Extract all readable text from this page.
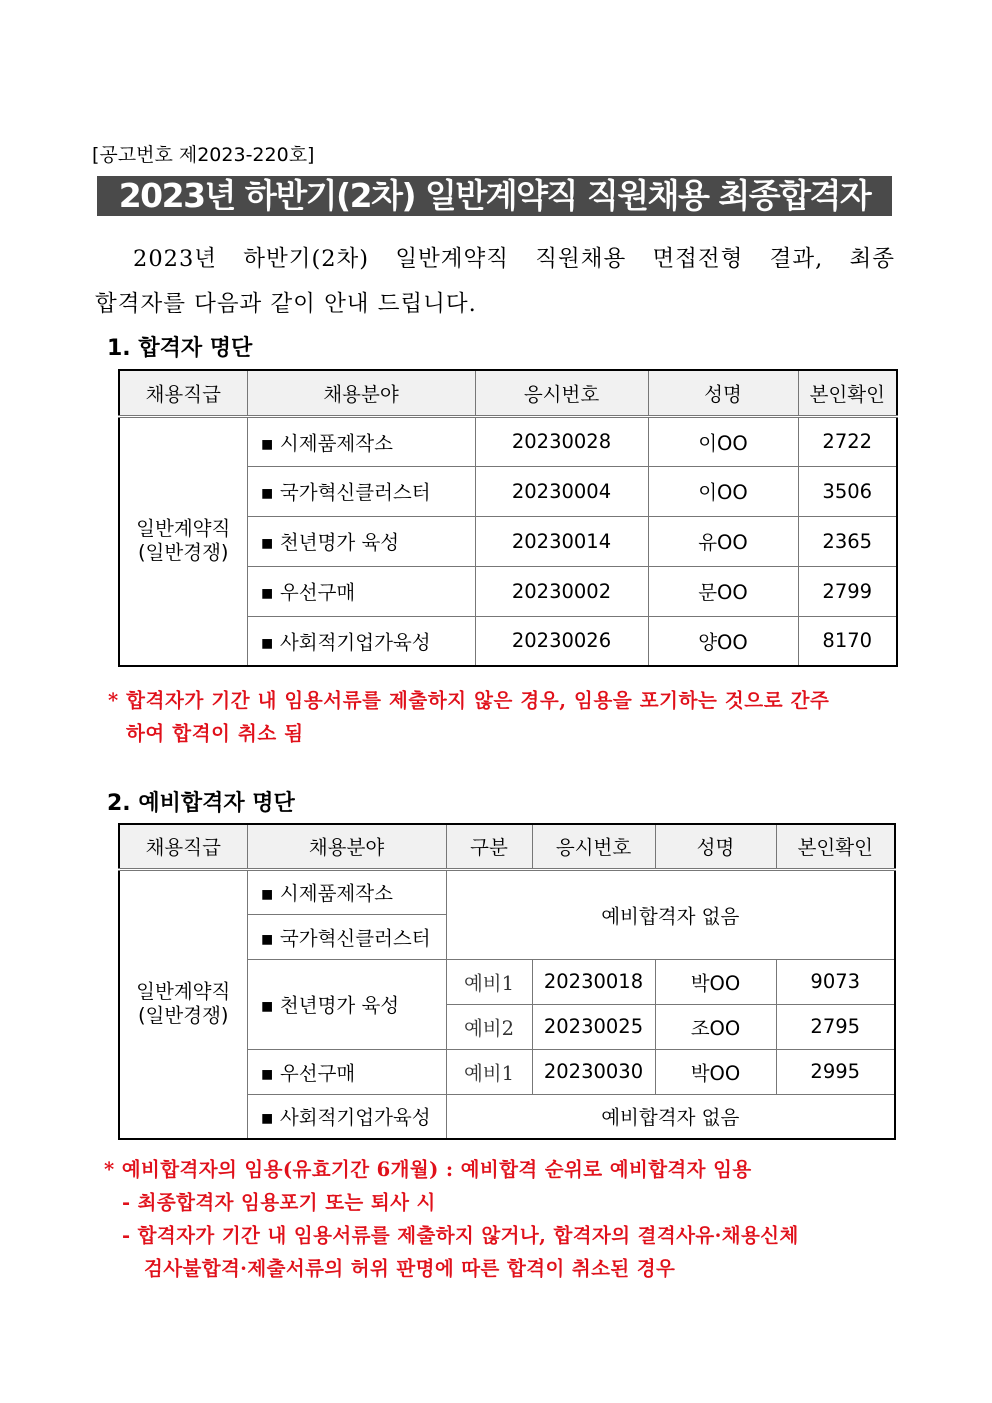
[공고번호 제2023-220호]
2023년 하반기(2차) 일반계약직 직원채용 최종합격자
2023년 하반기(2차) 일반계약직 직원채용 면접전형 결과, 최종
합격자를 다음과 같이 안내 드립니다.
1. 합격자 명단
채용직급	채용분야	응시번호	성명	본인확인

일반계약직
(일반경쟁)	▪ 시제품제작소	20230028	이OO	2722
	▪ 국가혁신클러스터	20230004	이OO	3506
	▪ 천년명가 육성	20230014	유OO	2365
	▪ 우선구매	20230002	문OO	2799
	▪ 사회적기업가육성	20230026	양OO	8170
* 합격자가 기간 내 임용서류를 제출하지 않은 경우, 임용을 포기하는 것으로 간주
하여 합격이 취소 됨
2. 예비합격자 명단
채용직급	채용분야	구분	응시번호	성명	본인확인

일반계약직
(일반경쟁)	▪ 시제품제작소	예비합격자 없음			
	▪ 국가혁신클러스터				
	▪ 천년명가 육성	예비1	20230018	박OO	9073
		예비2	20230025	조OO	2795
	▪ 우선구매	예비1	20230030	박OO	2995
	▪ 사회적기업가육성	예비합격자 없음			
* 예비합격자의 임용(유효기간 6개월) : 예비합격 순위로 예비합격자 임용
- 최종합격자 임용포기 또는 퇴사 시
- 합격자가 기간 내 임용서류를 제출하지 않거나, 합격자의 결격사유·채용신체
검사불합격·제출서류의 허위 판명에 따른 합격이 취소된 경우
